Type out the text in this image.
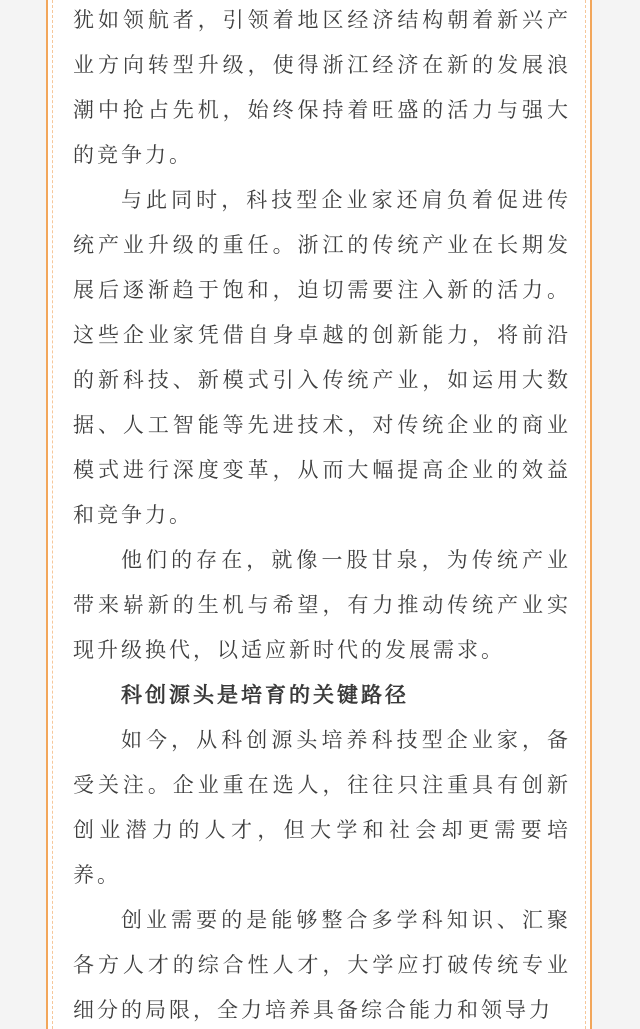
犹如领航者，引领着地区经济结构朝着新兴产业方向转型升级，使得浙江经济在新的发展浪潮中抢占先机，始终保持着旺盛的活力与强大的竞争力。

与此同时，科技型企业家还肩负着促进传统产业升级的重任。浙江的传统产业在长期发展后逐渐趋于饱和，迫切需要注入新的活力。这些企业家凭借自身卓越的创新能力，将前沿的新科技、新模式引入传统产业，如运用大数据、人工智能等先进技术，对传统企业的商业模式进行深度变革，从而大幅提高企业的效益和竞争力。

他们的存在，就像一股甘泉，为传统产业带来崭新的生机与希望，有力推动传统产业实现升级换代，以适应新时代的发展需求。

科创源头是培育的关键路径

如今，从科创源头培养科技型企业家，备受关注。企业重在选人，往往只注重具有创新创业潜力的人才，但大学和社会却更需要培养。

创业需要的是能够整合多学科知识、汇聚各方人才的综合性人才，大学应打破传统专业细分的局限，全力培养具备综合能力和领导力
